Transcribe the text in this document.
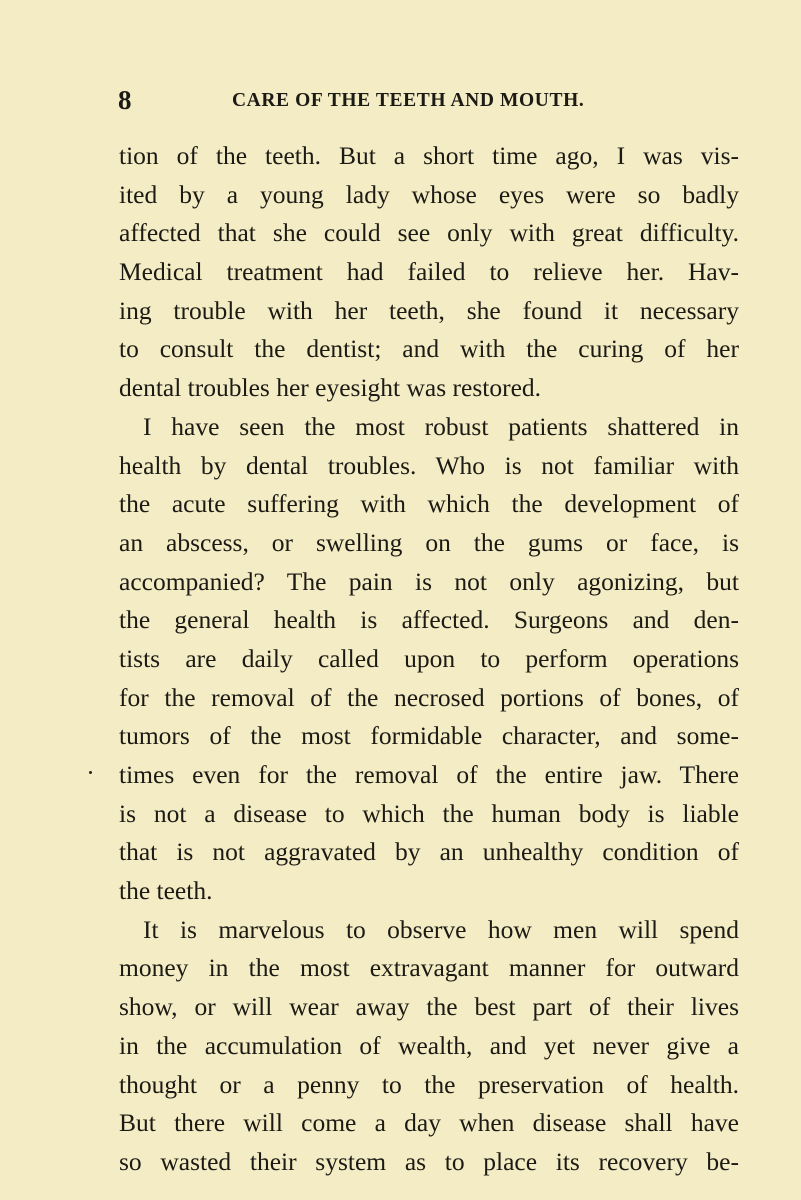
8	CARE OF THE TEETH AND MOUTH.
tion of the teeth. But a short time ago, I was vis-
ited by a young lady whose eyes were so badly
affected that she could see only with great difficulty.
Medical treatment had failed to relieve her. Hav-
ing trouble with her teeth, she found it necessary
to consult the dentist; and with the curing of her
dental troubles her eyesight was restored.
I have seen the most robust patients shattered in
health by dental troubles. Who is not familiar with
the acute suffering with which the development of
an abscess, or swelling on the gums or face, is
accompanied? The pain is not only agonizing, but
the general health is affected. Surgeons and den-
tists are daily called upon to perform operations
for the removal of the necrosed portions of bones, of
tumors of the most formidable character, and some-
times even for the removal of the entire jaw. There
is not a disease to which the human body is liable
that is not aggravated by an unhealthy condition of
the teeth.
It is marvelous to observe how men will spend
money in the most extravagant manner for outward
show, or will wear away the best part of their lives
in the accumulation of wealth, and yet never give a
thought or a penny to the preservation of health.
But there will come a day when disease shall have
so wasted their system as to place its recovery be-
